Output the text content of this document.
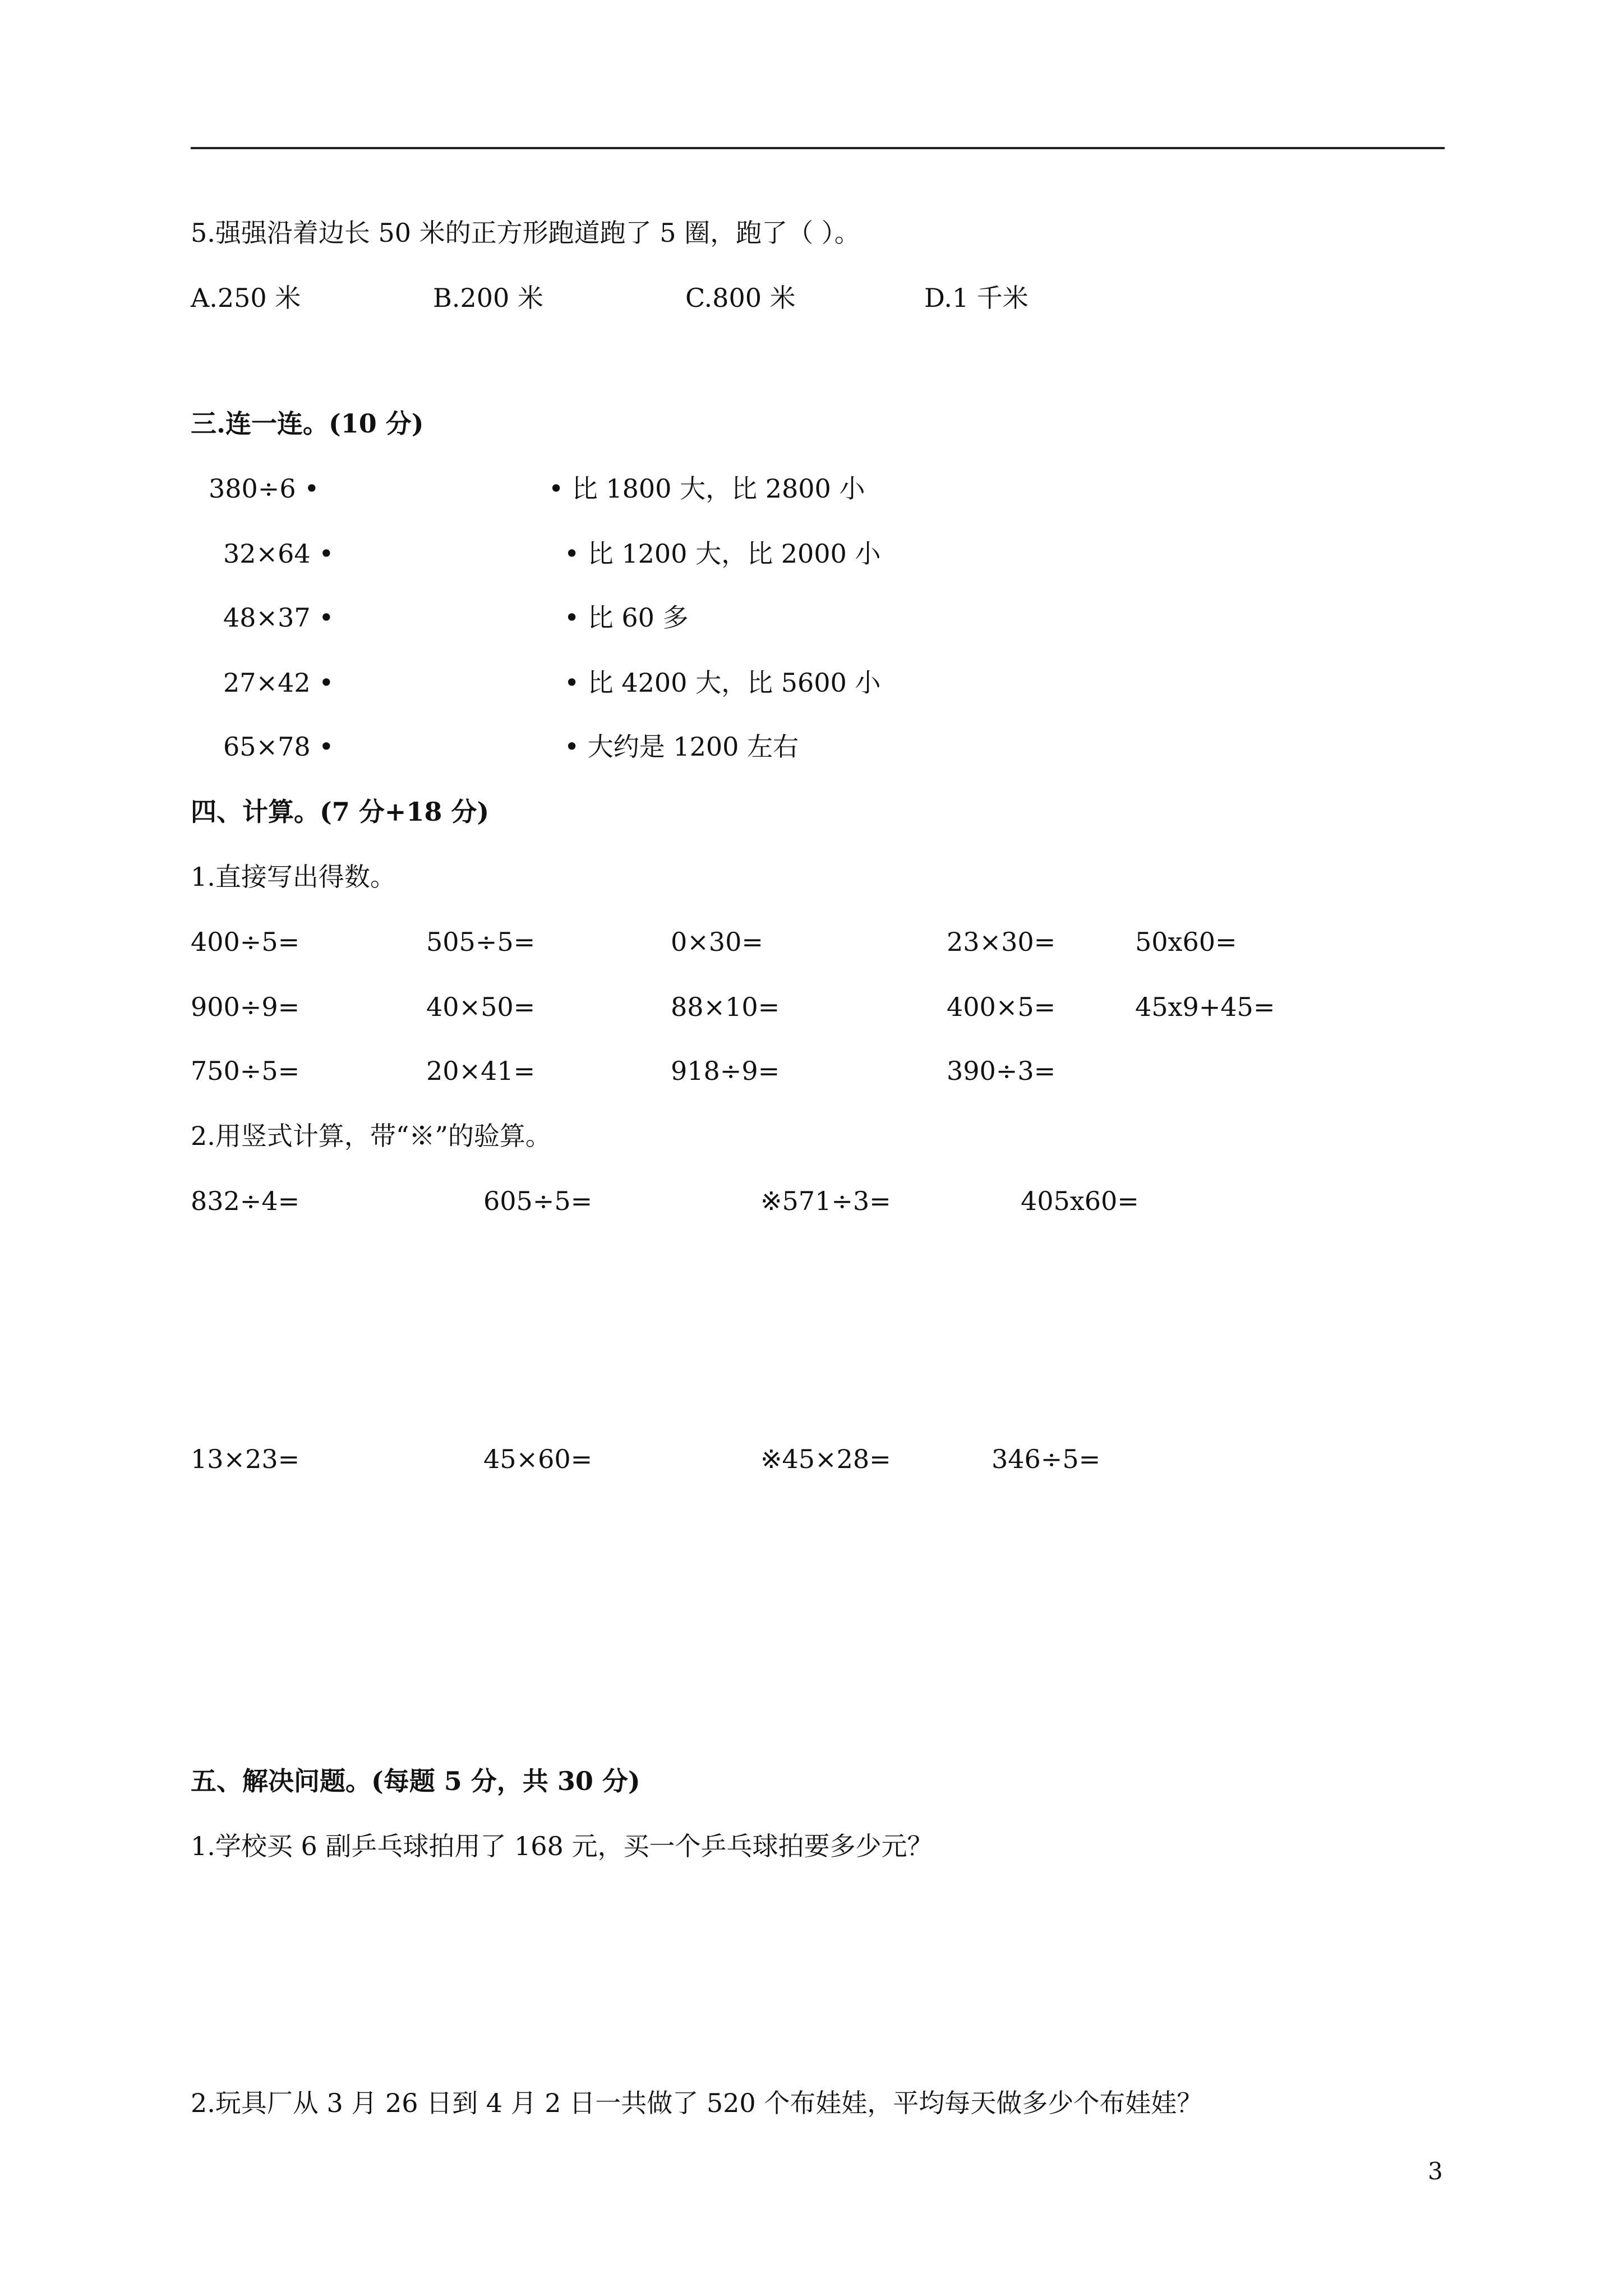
5.强强沿着边长 50 米的正方形跑道跑了 5 圈，跑了（ ）。
A.250 米	B.200 米	C.800 米	D.1 千米
三.连一连。(10 分)
380÷6 •
32×64 •
48×37 •
27×42 •
65×78 •
• 比 1800 大，比 2800 小
• 比 1200 大，比 2000 小
• 比 60 多
• 比 4200 大，比 5600 小
• 大约是 1200 左右
四、计算。(7 分+18 分)
1.直接写出得数。
400÷5=	505÷5=	0×30=	23×30=	50x60=
900÷9=	40×50=	88×10=	400×5=	45x9+45=
750÷5=	20×41=	918÷9=	390÷3=
2.用竖式计算，带“※”的验算。
832÷4=	605÷5=	※571÷3=	405x60=
13×23=	45×60=	※45×28=	346÷5=
五、解决问题。(每题 5 分，共 30 分)
1.学校买 6 副乒乓球拍用了 168 元，买一个乒乓球拍要多少元？
2.玩具厂从 3 月 26 日到 4 月 2 日一共做了 520 个布娃娃，平均每天做多少个布娃娃？
3
